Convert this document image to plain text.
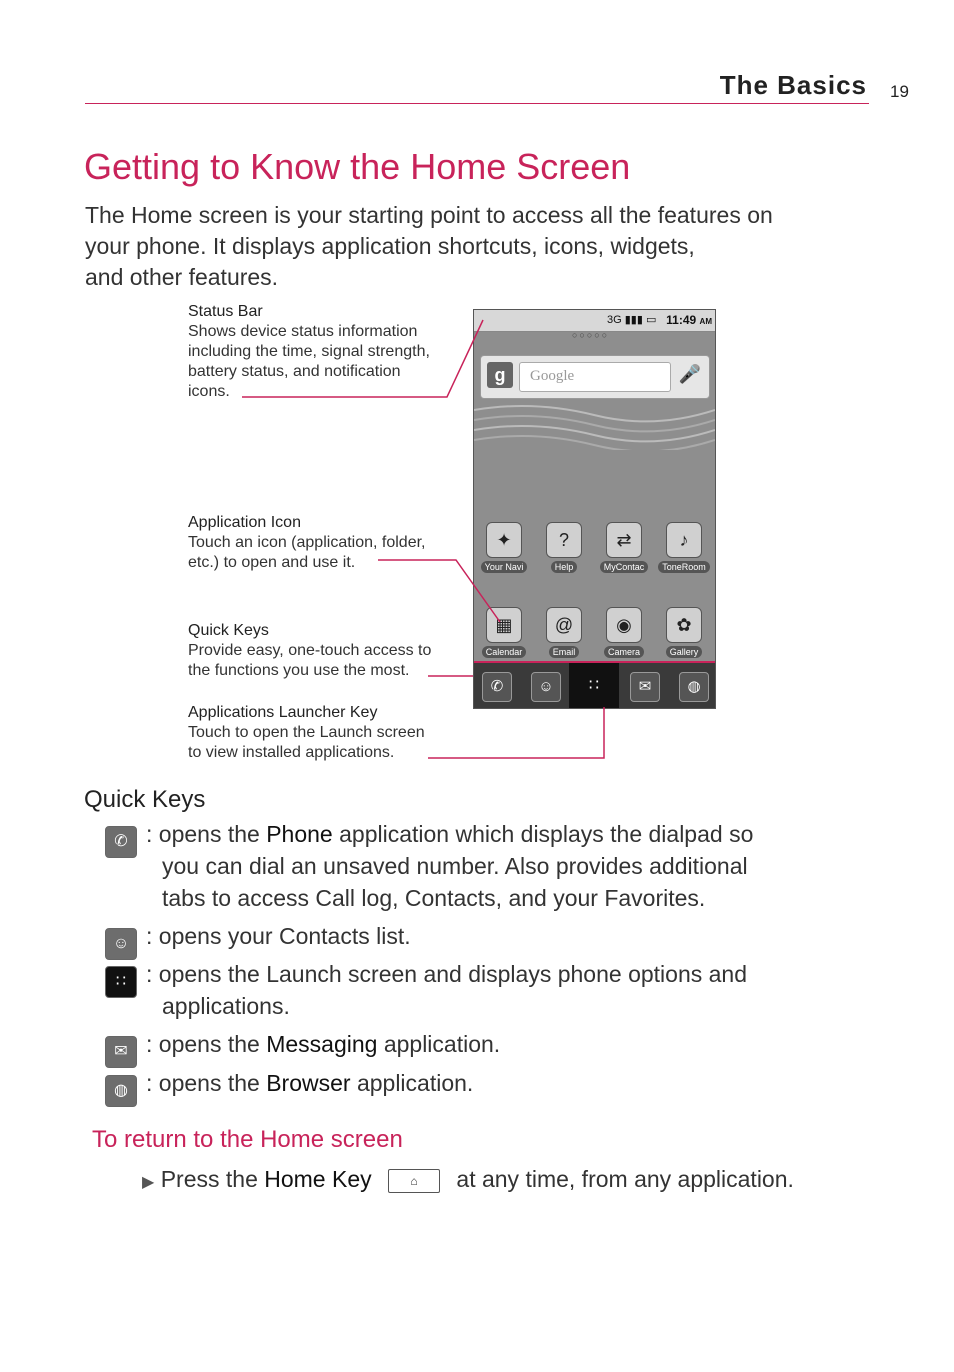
The Basics 19
Getting to Know the Home Screen
The Home screen is your starting point to access all the features on
your phone. It displays application shortcuts, icons, widgets,
and other features.
Status Bar
Shows device status information
including the time, signal strength,
battery status, and notification
icons.
Application Icon
Touch an icon (application, folder,
etc.) to open and use it.
Quick Keys
Provide easy, one-touch access to
the functions you use the most.
Applications Launcher Key
Touch to open the Launch screen
to view installed applications.
3G ▮▮▮ ▭ 11:49 AM
○○○○○
g	Google	🎤
✦
Your Navi
?
Help
⇄
MyContac
♪
ToneRoom
▦
Calendar
@
Email
◉
Camera
✿
Gallery
✆	☺	∷	✉	◍
Quick Keys
✆ : opens the Phone application which displays the dialpad so
you can dial an unsaved number. Also provides additional
tabs to access Call log, Contacts, and your Favorites.
☺ : opens your Contacts list.
∷ : opens the Launch screen and displays phone options and
applications.
✉ : opens the Messaging application.
◍ : opens the Browser application.
To return to the Home screen
▶ Press the Home Key	⌂ at any time, from any application.
